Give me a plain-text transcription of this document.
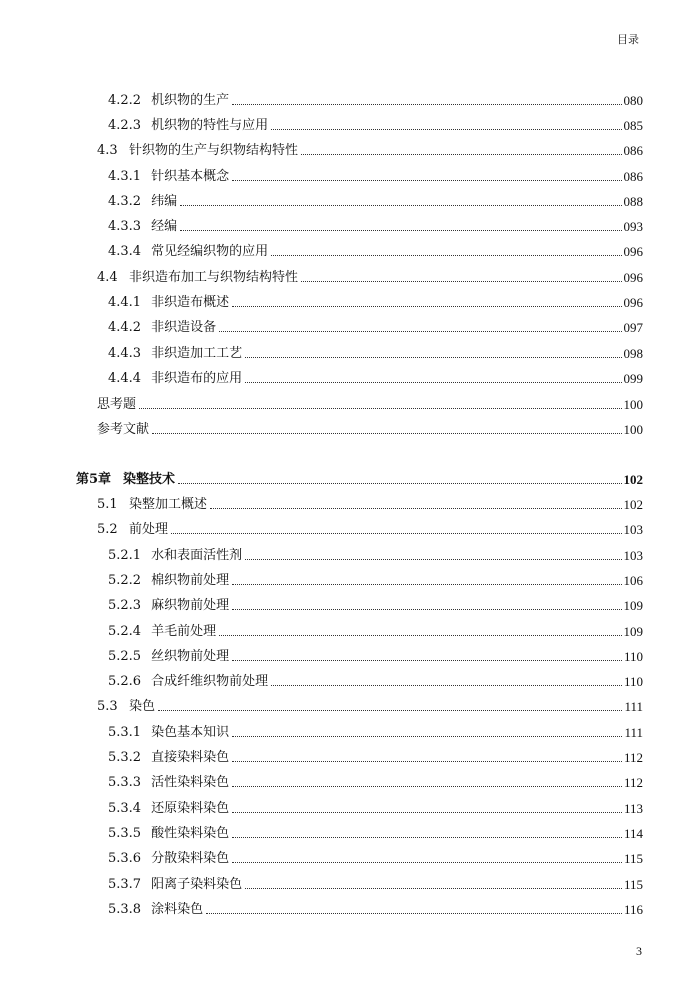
目录
4.2.2 机织物的生产	080
4.2.3 机织物的特性与应用	085
4.3 针织物的生产与织物结构特性	086
4.3.1 针织基本概念	086
4.3.2 纬编	088
4.3.3 经编	093
4.3.4 常见经编织物的应用	096
4.4 非织造布加工与织物结构特性	096
4.4.1 非织造布概述	096
4.4.2 非织造设备	097
4.4.3 非织造加工工艺	098
4.4.4 非织造布的应用	099
思考题	100
参考文献	100
第5章 染整技术	102
5.1 染整加工概述	102
5.2 前处理	103
5.2.1 水和表面活性剂	103
5.2.2 棉织物前处理	106
5.2.3 麻织物前处理	109
5.2.4 羊毛前处理	109
5.2.5 丝织物前处理	110
5.2.6 合成纤维织物前处理	110
5.3 染色	111
5.3.1 染色基本知识	111
5.3.2 直接染料染色	112
5.3.3 活性染料染色	112
5.3.4 还原染料染色	113
5.3.5 酸性染料染色	114
5.3.6 分散染料染色	115
5.3.7 阳离子染料染色	115
5.3.8 涂料染色	116
3
